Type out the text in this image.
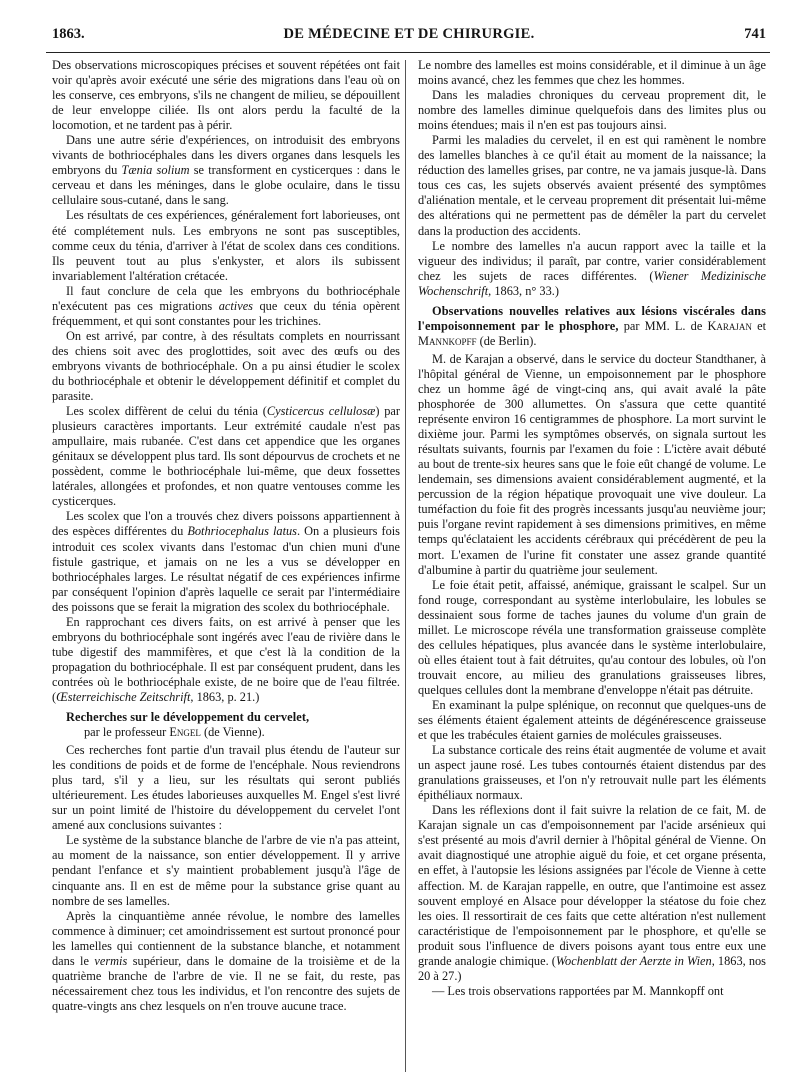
1863.	DE MÉDECINE ET DE CHIRURGIE.	741

Des observations microscopiques précises et souvent répétées ont fait voir qu'après avoir exécuté une série des migrations dans l'eau où on les conserve, ces embryons, s'ils ne changent de milieu, se dépouillent de leur enveloppe ciliée. Ils ont alors perdu la faculté de la locomotion, et ne tardent pas à périr.

Dans une autre série d'expériences, on introduisit des embryons vivants de bothriocéphales dans les divers organes dans lesquels les embryons du Tænia solium se transforment en cysticerques : dans le cerveau et dans les méninges, dans le globe oculaire, dans le tissu cellulaire sous-cutané, dans le sang.

Les résultats de ces expériences, généralement fort laborieuses, ont été complétement nuls. Les embryons ne sont pas susceptibles, comme ceux du ténia, d'arriver à l'état de scolex dans ces conditions. Ils peuvent tout au plus s'enkyster, et alors ils subissent invariablement l'altération crétacée.

Il faut conclure de cela que les embryons du bothriocéphale n'exécutent pas ces migrations actives que ceux du ténia opèrent fréquemment, et qui sont constantes pour les trichines.

On est arrivé, par contre, à des résultats complets en nourrissant des chiens soit avec des proglottides, soit avec des œufs ou des embryons vivants de bothriocéphale. On a pu ainsi étudier le scolex du bothriocéphale et obtenir le développement définitif et complet du parasite.

Les scolex diffèrent de celui du ténia (Cysticercus cellulosæ) par plusieurs caractères importants. Leur extrémité caudale n'est pas ampullaire, mais rubanée. C'est dans cet appendice que les organes génitaux se développent plus tard. Ils sont dépourvus de crochets et ne possèdent, comme le bothriocéphale lui-même, que deux fossettes latérales, allongées et profondes, et non quatre ventouses comme les cysticerques.

Les scolex que l'on a trouvés chez divers poissons appartiennent à des espèces différentes du Bothriocephalus latus. On a plusieurs fois introduit ces scolex vivants dans l'estomac d'un chien muni d'une fistule gastrique, et jamais on ne les a vus se développer en bothriocéphales larges. Le résultat négatif de ces expériences infirme par conséquent l'opinion d'après laquelle ce serait par l'intermédiaire des poissons que se ferait la migration des scolex du bothriocéphale.

En rapprochant ces divers faits, on est arrivé à penser que les embryons du bothriocéphale sont ingérés avec l'eau de rivière dans le tube digestif des mammifères, et que c'est là la condition de la propagation du bothriocéphale. Il est par conséquent prudent, dans les contrées où le bothriocéphale existe, de ne boire que de l'eau filtrée. (Œsterreichische Zeitschrift, 1863, p. 21.)

Recherches sur le développement du cervelet,
par le professeur Engel (de Vienne).

Ces recherches font partie d'un travail plus étendu de l'auteur sur les conditions de poids et de forme de l'encéphale. Nous reviendrons plus tard, s'il y a lieu, sur les résultats qui seront publiés ultérieurement. Les études laborieuses auxquelles M. Engel s'est livré sur un point limité de l'histoire du développement du cervelet l'ont amené aux conclusions suivantes :

Le système de la substance blanche de l'arbre de vie n'a pas atteint, au moment de la naissance, son entier développement. Il y arrive pendant l'enfance et s'y maintient probablement jusqu'à l'âge de cinquante ans. Il en est de même pour la substance grise quant au nombre de ses lamelles.

Après la cinquantième année révolue, le nombre des lamelles commence à diminuer; cet amoindrissement est surtout prononcé pour les lamelles qui contiennent de la substance blanche, et notamment dans le vermis supérieur, dans le domaine de la troisième et de la quatrième branche de l'arbre de vie. Il ne se fait, du reste, pas nécessairement chez tous les individus, et l'on rencontre des sujets de quatre-vingts ans chez lesquels on n'en trouve aucune trace.

Le nombre des lamelles est moins considérable, et il diminue à un âge moins avancé, chez les femmes que chez les hommes.

Dans les maladies chroniques du cerveau proprement dit, le nombre des lamelles diminue quelquefois dans des limites plus ou moins étendues; mais il n'en est pas toujours ainsi.

Parmi les maladies du cervelet, il en est qui ramènent le nombre des lamelles blanches à ce qu'il était au moment de la naissance; la réduction des lamelles grises, par contre, ne va jamais jusque-là. Dans tous ces cas, les sujets observés avaient présenté des symptômes d'aliénation mentale, et le cerveau proprement dit présentait lui-même des altérations qui ne permettent pas de démêler la part du cervelet dans la production des accidents.

Le nombre des lamelles n'a aucun rapport avec la taille et la vigueur des individus; il paraît, par contre, varier considérablement chez les sujets de races différentes. (Wiener Medizinische Wochenschrift, 1863, n° 33.)

Observations nouvelles relatives aux lésions viscérales dans l'empoisonnement par le phosphore, par MM. L. de Karajan et Mannkopff (de Berlin).

M. de Karajan a observé, dans le service du docteur Standthaner, à l'hôpital général de Vienne, un empoisonnement par le phosphore chez un homme âgé de vingt-cinq ans, qui avait avalé la pâte phosphorée de 300 allumettes. On s'assura que cette quantité représente environ 16 centigrammes de phosphore. La mort survint le dixième jour. Parmi les symptômes observés, on signala surtout les résultats suivants, fournis par l'examen du foie : L'ictère avait débuté au bout de trente-six heures sans que le foie eût changé de volume. Le lendemain, ses dimensions avaient considérablement augmenté, et la percussion de la région hépatique provoquait une vive douleur. La tuméfaction du foie fit des progrès incessants jusqu'au neuvième jour; puis l'organe revint rapidement à ses dimensions primitives, en même temps qu'éclataient les accidents cérébraux qui précédèrent de peu la mort. L'examen de l'urine fit constater une assez grande quantité d'albumine à partir du quatrième jour seulement.

Le foie était petit, affaissé, anémique, graissant le scalpel. Sur un fond rouge, correspondant au système interlobulaire, les lobules se dessinaient sous forme de taches jaunes du volume d'un grain de millet. Le microscope révéla une transformation graisseuse complète des cellules hépatiques, plus avancée dans le système interlobulaire, où elles étaient tout à fait détruites, qu'au contour des lobules, où l'on trouvait encore, au milieu des granulations graisseuses libres, quelques cellules dont la membrane d'enveloppe n'était pas détruite.

En examinant la pulpe splénique, on reconnut que quelques-uns de ses éléments étaient également atteints de dégénérescence graisseuse et que les trabécules étaient garnies de molécules graisseuses.

La substance corticale des reins était augmentée de volume et avait un aspect jaune rosé. Les tubes contournés étaient distendus par des granulations graisseuses, et l'on n'y retrouvait nulle part les éléments épithéliaux normaux.

Dans les réflexions dont il fait suivre la relation de ce fait, M. de Karajan signale un cas d'empoisonnement par l'acide arsénieux qui s'est présenté au mois d'avril dernier à l'hôpital général de Vienne. On avait diagnostiqué une atrophie aiguë du foie, et cet organe présenta, en effet, à l'autopsie les lésions assignées par l'école de Vienne à cette affection. M. de Karajan rappelle, en outre, que l'antimoine est assez souvent employé en Alsace pour développer la stéatose du foie chez les oies. Il ressortirait de ces faits que cette altération n'est nullement caractéristique de l'empoisonnement par le phosphore, et qu'elle se produit sous l'influence de divers poisons ayant tous entre eux une grande analogie chimique. (Wochenblatt der Aerzte in Wien, 1863, nos 20 à 27.)

— Les trois observations rapportées par M. Mannkopff ont
